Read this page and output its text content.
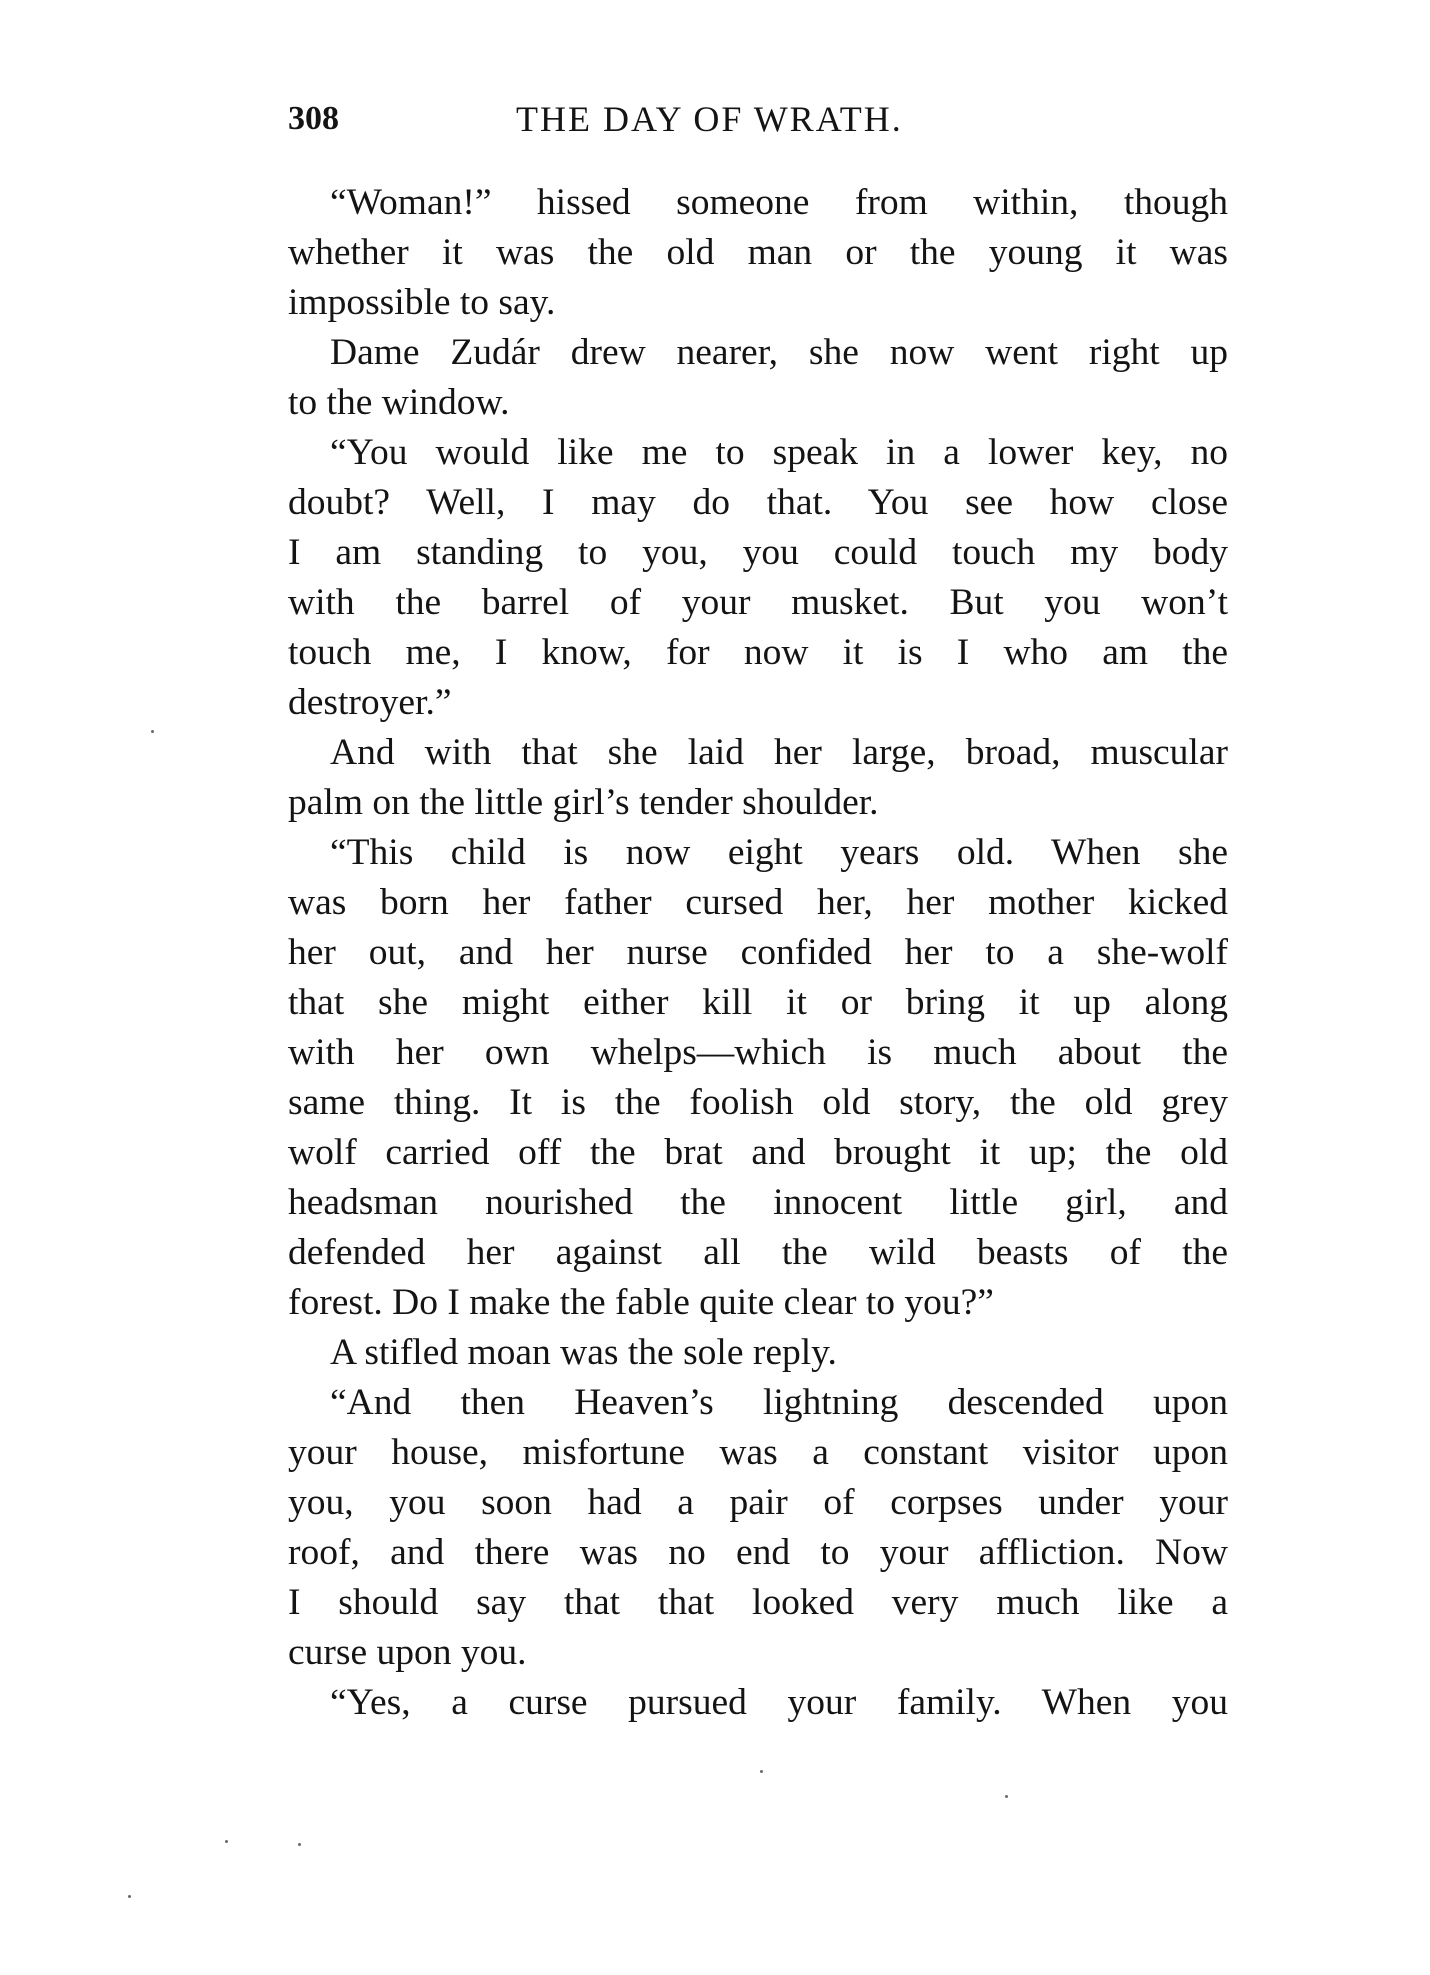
308	THE DAY OF WRATH.
“Woman!” hissed someone from within, though
whether it was the old man or the young it was
impossible to say.
Dame Zudár drew nearer, she now went right up
to the window.
“You would like me to speak in a lower key, no
doubt? Well, I may do that. You see how close
I am standing to you, you could touch my body
with the barrel of your musket. But you won’t
touch me, I know, for now it is I who am the
destroyer.”
And with that she laid her large, broad, muscular
palm on the little girl’s tender shoulder.
“This child is now eight years old. When she
was born her father cursed her, her mother kicked
her out, and her nurse confided her to a she-wolf
that she might either kill it or bring it up along
with her own whelps—which is much about the
same thing. It is the foolish old story, the old grey
wolf carried off the brat and brought it up; the old
headsman nourished the innocent little girl, and
defended her against all the wild beasts of the
forest. Do I make the fable quite clear to you?”
A stifled moan was the sole reply.
“And then Heaven’s lightning descended upon
your house, misfortune was a constant visitor upon
you, you soon had a pair of corpses under your
roof, and there was no end to your affliction. Now
I should say that that looked very much like a
curse upon you.
“Yes, a curse pursued your family. When you
